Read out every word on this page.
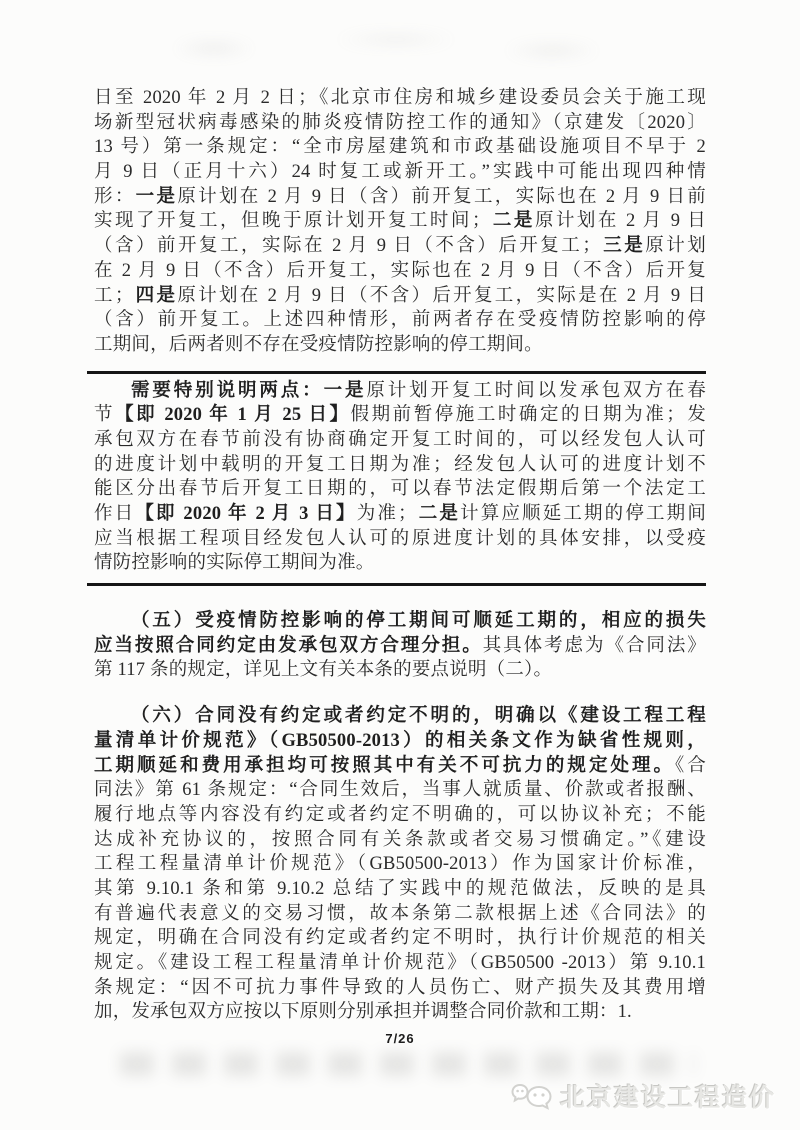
日至 2020 年 2 月 2 日；《北京市住房和城乡建设委员会关于施工现
场新型冠状病毒感染的肺炎疫情防控工作的通知》（京建发〔2020〕
13 号）第一条规定：“全市房屋建筑和市政基础设施项目不早于 2
月 9 日（正月十六）24 时复工或新开工。”实践中可能出现四种情
形：一是原计划在 2 月 9 日（含）前开复工，实际也在 2 月 9 日前
实现了开复工，但晚于原计划开复工时间；二是原计划在 2 月 9 日
（含）前开复工，实际在 2 月 9 日（不含）后开复工；三是原计划
在 2 月 9 日（不含）后开复工，实际也在 2 月 9 日（不含）后开复
工；四是原计划在 2 月 9 日（不含）后开复工，实际是在 2 月 9 日
（含）前开复工。上述四种情形，前两者存在受疫情防控影响的停
工期间，后两者则不存在受疫情防控影响的停工期间。
需要特别说明两点：一是原计划开复工时间以发承包双方在春
节【即 2020 年 1 月 25 日】假期前暂停施工时确定的日期为准；发
承包双方在春节前没有协商确定开复工时间的，可以经发包人认可
的进度计划中载明的开复工日期为准；经发包人认可的进度计划不
能区分出春节后开复工日期的，可以春节法定假期后第一个法定工
作日【即 2020 年 2 月 3 日】为准；二是计算应顺延工期的停工期间
应当根据工程项目经发包人认可的原进度计划的具体安排，以受疫
情防控影响的实际停工期间为准。
（五）受疫情防控影响的停工期间可顺延工期的，相应的损失
应当按照合同约定由发承包双方合理分担。其具体考虑为《合同法》
第 117 条的规定，详见上文有关本条的要点说明（二）。
（六）合同没有约定或者约定不明的，明确以《建设工程工程
量清单计价规范》（GB50500-2013）的相关条文作为缺省性规则，
工期顺延和费用承担均可按照其中有关不可抗力的规定处理。《合
同法》第 61 条规定：“合同生效后，当事人就质量、价款或者报酬、
履行地点等内容没有约定或者约定不明确的，可以协议补充；不能
达成补充协议的，按照合同有关条款或者交易习惯确定。”《建设
工程工程量清单计价规范》（GB50500-2013）作为国家计价标准，
其第 9.10.1 条和第 9.10.2 总结了实践中的规范做法，反映的是具
有普遍代表意义的交易习惯，故本条第二款根据上述《合同法》的
规定，明确在合同没有约定或者约定不明时，执行计价规范的相关
规定。《建设工程工程量清单计价规范》（GB50500 -2013）第 9.10.1
条规定：“因不可抗力事件导致的人员伤亡、财产损失及其费用增
加，发承包双方应按以下原则分别承担并调整合同价款和工期：1.
7/26
北京建设工程造价
